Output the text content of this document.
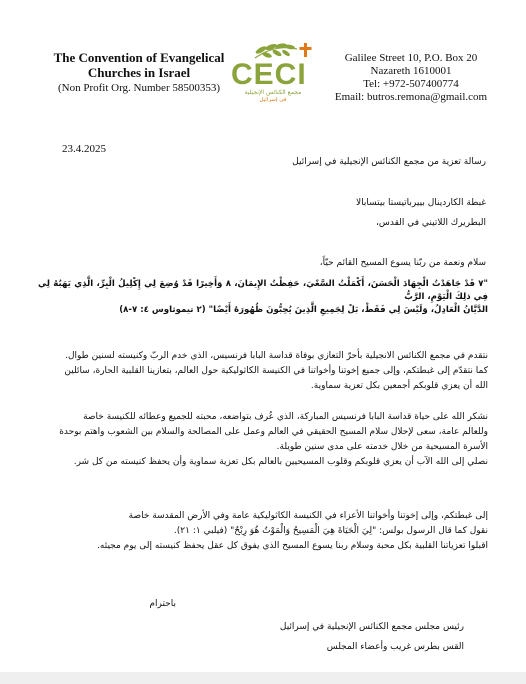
The Convention of Evangelical
Churches in Israel
(Non Profit Org. Number 58500353) CECI
مجمع الكنائس الإنجيلية
في إسرائيل
Galilee Street 10, P.O. Box 20
Nazareth 1610001
Tel: +972-507400774
Email: butros.remona@gmail.com
23.4.2025
رسالة تعزية من مجمع الكنائس الإنجيلية في إسرائيل
غبطة الكاردينال بييرباتيستا بيتسابالا
البطريرك اللاتيني في القدس،
سلام ونعمة من ربّنا يسوع المسيح القائم حيّاً،
"٧ قَدْ جَاهَدْتُ الْجِهَادَ الْحَسَنَ، أَكْمَلْتُ السَّعْيَ، حَفِظْتُ الإِيمَانَ، ٨ وَأَخِيرًا قَدْ وُضِعَ لِي إِكْلِيلُ الْبِرِّ، الَّذِي يَهَبُهُ لِي فِي ذلِكَ الْيَوْمِ، الرَّبُّ
الدَّيَّانُ الْعَادِلُ، وَلَيْسَ لِي فَقَطْ، بَلْ لِجَمِيعِ الَّذِينَ يُحِبُّونَ ظُهُورَهُ أَيْضًا" (٢ تيموثاوس ٤: ٧-٨)
نتقدم في مجمع الكنائس الانجيلية بأحرّ التعازي بوفاة قداسة البابا فرنسيس، الذي خدم الربّ وكنيسته لسنين طوال.
كما نتقدّم إلى غبطتكم، وإلى جميع إخوتنا وأخواتنا في الكنيسة الكاثوليكية حول العالم، بتعازينا القلبية الحارة، سائلين
الله أن يعزي قلوبكم أجمعين بكل تعزية سماوية.
نشكر الله على حياة قداسة البابا فرنسيس المباركة، الذي عُرف بتواضعه، محبته للجميع وعطائه للكنيسة خاصة
وللعالم عامة، سعى لإحلال سلام المسيح الحقيقي في العالم وعمل على المصالحة والسلام بين الشعوب واهتم بوحدة
الأسرة المسيحية من خلال خدمته على مدى سنين طويلة.
نصلي إلى الله الآب أن يعزي قلوبكم وقلوب المسيحيين بالعالم بكل تعزية سماوية وأن يحفظ كنيسته من كل شر.
إلى غبطتكم، وإلى إخوتنا وأخواتنا الأعزاء في الكنيسة الكاثوليكية عامة وفي الأرض المقدسة خاصة
نقول كما قال الرسول بولس: "لِيَ الْحَيَاةَ هِيَ الْمَسِيحُ وَالْمَوْتُ هُوَ رِبْحٌ" (فيلبي ١: ٢١).
اقبلوا تعزياتنا القلبية بكل محبة وسلام ربنا يسوع المسيح الذي يفوق كل عقل يحفظ كنيسته إلى يوم مجيئه.
باحترام
رئيس مجلس مجمع الكنائس الإنجيلية في إسرائيل
القس بطرس غريب وأعضاء المجلس
